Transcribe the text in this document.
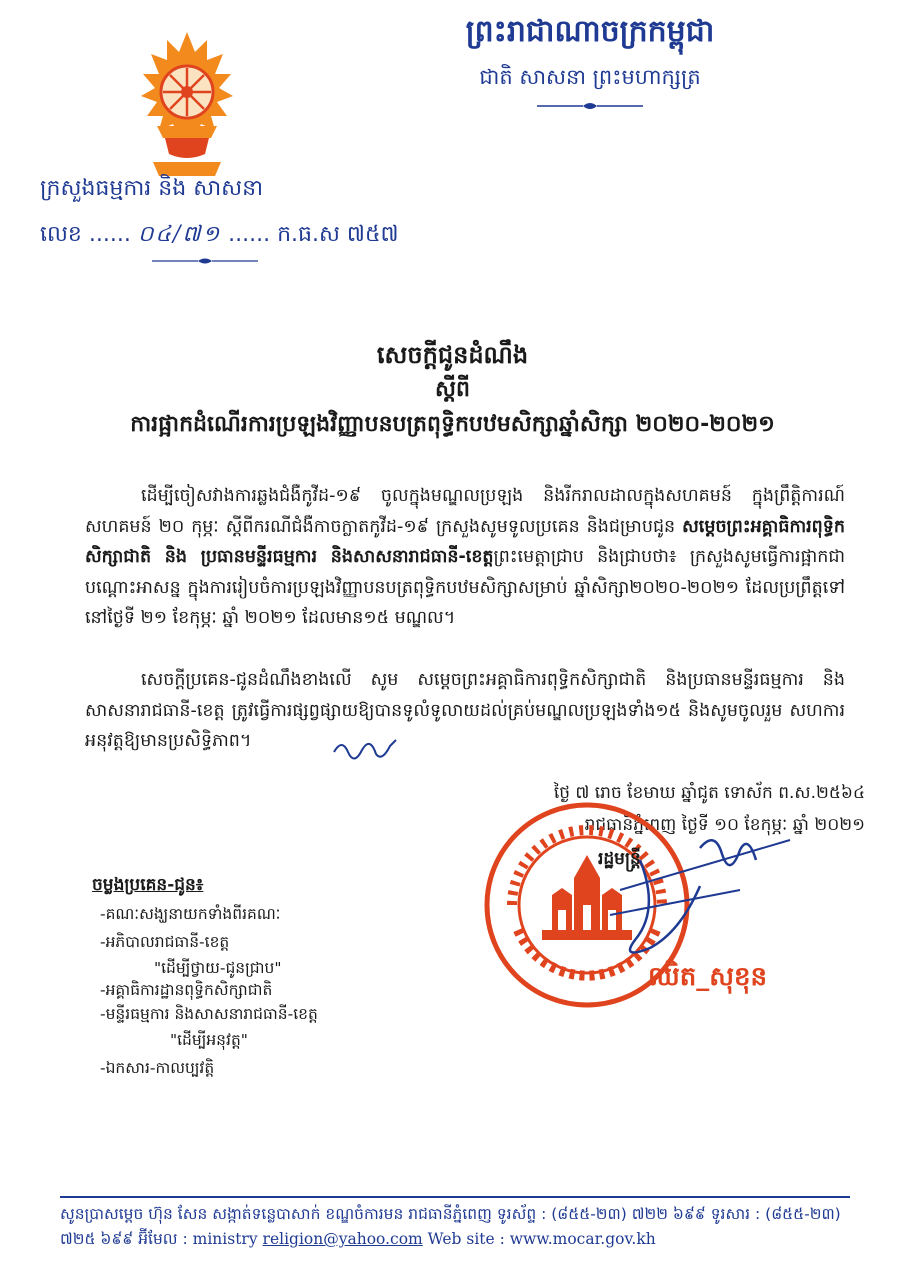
ព្រះរាជាណាចក្រកម្ពុជា
ជាតិ សាសនា ព្រះមហាក្សត្រ
ក្រសួងធម្មការ និង សាសនា
លេខ ...... ០៤/៧១ ...... ក.ធ.ស ៧៥៧
សេចក្ដីជូនដំណឹង
ស្ដីពី
ការផ្អាកដំណើរការប្រឡងវិញ្ញាបនបត្រពុទ្ធិកបឋមសិក្សាឆ្នាំសិក្សា ២០២០-២០២១
ដើម្បីចៀសវាងការឆ្លងជំងឺកូវីដ-១៩ ចូលក្នុងមណ្ឌលប្រឡង និងរីករាលដាលក្នុងសហគមន៍ ក្នុងព្រឹត្តិការណ៍សហគមន៍ ២០ កុម្ភៈ ស្ដីពីករណីជំងឺកាចក្លាតកូវីដ-១៩ ក្រសួងសូមទូលប្រគេន និងជម្រាបជូន សម្ដេចព្រះអគ្គាធិការពុទ្ធិកសិក្សាជាតិ និង ប្រធានមន្ទីរធម្មការ និងសាសនារាជធានី-ខេត្តព្រះមេត្តាជ្រាប និងជ្រាបថា៖ ក្រសួងសូមធ្វើការផ្អាកជាបណ្ដោះអាសន្ន ក្នុងការរៀបចំការប្រឡងវិញ្ញាបនបត្រពុទ្ធិកបឋមសិក្សាសម្រាប់ ឆ្នាំសិក្សា២០២០-២០២១ ដែលប្រព្រឹត្តទៅនៅថ្ងៃទី ២១ ខែកុម្ភៈ ឆ្នាំ ២០២១ ដែលមាន១៥ មណ្ឌល។
សេចក្ដីប្រគេន-ជូនដំណឹងខាងលើ សូម សម្ដេចព្រះអគ្គាធិការពុទ្ធិកសិក្សាជាតិ និងប្រធានមន្ទីរធម្មការ និង សាសនារាជធានី-ខេត្ត ត្រូវធ្វើការផ្សព្វផ្សាយឱ្យបានទូលំទូលាយដល់គ្រប់មណ្ឌលប្រឡងទាំង១៥ និងសូមចូលរួម សហការអនុវត្តឱ្យមានប្រសិទ្ធិភាព។
ថ្ងៃ ៧ រោច ខែមាឃ ឆ្នាំជូត ទោស័ក ព.ស.២៥៦៤
រាជធានីភ្នំពេញ ថ្ងៃទី ១០ ខែកុម្ភៈ ឆ្នាំ ២០២១
រដ្ឋមន្ត្រី
ឈិត_សុខុន
ចម្លងប្រគេន-ជូន៖
-គណៈសង្ឃនាយកទាំងពីរគណៈ
-អភិបាលរាជធានី-ខេត្ត
"ដើម្បីថ្វាយ-ជូនជ្រាប"
-អគ្គាធិការដ្ឋានពុទ្ធិកសិក្សាជាតិ
-មន្ទីរធម្មការ និងសាសនារាជធានី-ខេត្ត
"ដើម្បីអនុវត្ត"
-ឯកសារ-កាលប្បវត្តិ
សូនប្រាសម្ដេច ហ៊ុន សែន សង្កាត់ទន្លេបាសាក់ ខណ្ឌចំការមន រាជធានីភ្នំពេញ ទូរស័ព្ទ : (៨៥៥-២៣) ៧២២ ៦៩៩ ទូរសារ : (៨៥៥-២៣)
៧២៥ ៦៩៩ អ៊ីមែល : ministry religion@yahoo.com Web site : www.mocar.gov.kh
